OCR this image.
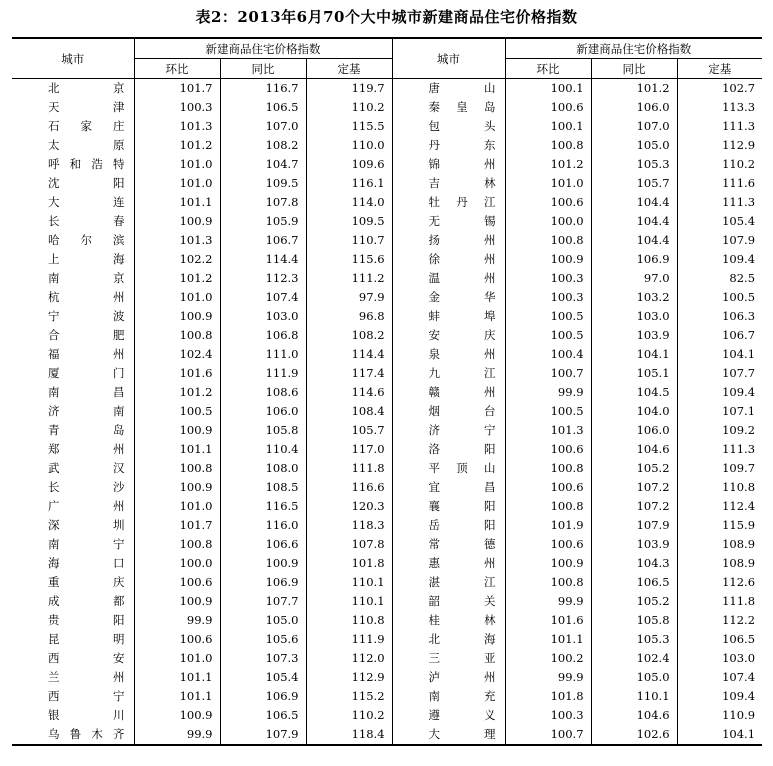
表2：2013年6月70个大中城市新建商品住宅价格指数
城市	新建商品住宅价格指数			城市	新建商品住宅价格指数		
	环比	同比	定基		环比	同比	定基
北京	101.7	116.7	119.7	唐山	100.1	101.2	102.7
天津	100.3	106.5	110.2	秦皇岛	100.6	106.0	113.3
石家庄	101.3	107.0	115.5	包头	100.1	107.0	111.3
太原	101.2	108.2	110.0	丹东	100.8	105.0	112.9
呼和浩特	101.0	104.7	109.6	锦州	101.2	105.3	110.2
沈阳	101.0	109.5	116.1	吉林	101.0	105.7	111.6
大连	101.1	107.8	114.0	牡丹江	100.6	104.4	111.3
长春	100.9	105.9	109.5	无锡	100.0	104.4	105.4
哈尔滨	101.3	106.7	110.7	扬州	100.8	104.4	107.9
上海	102.2	114.4	115.6	徐州	100.9	106.9	109.4
南京	101.2	112.3	111.2	温州	100.3	97.0	82.5
杭州	101.0	107.4	97.9	金华	100.3	103.2	100.5
宁波	100.9	103.0	96.8	蚌埠	100.5	103.0	106.3
合肥	100.8	106.8	108.2	安庆	100.5	103.9	106.7
福州	102.4	111.0	114.4	泉州	100.4	104.1	104.1
厦门	101.6	111.9	117.4	九江	100.7	105.1	107.7
南昌	101.2	108.6	114.6	赣州	99.9	104.5	109.4
济南	100.5	106.0	108.4	烟台	100.5	104.0	107.1
青岛	100.9	105.8	105.7	济宁	101.3	106.0	109.2
郑州	101.1	110.4	117.0	洛阳	100.6	104.6	111.3
武汉	100.8	108.0	111.8	平顶山	100.8	105.2	109.7
长沙	100.9	108.5	116.6	宜昌	100.6	107.2	110.8
广州	101.0	116.5	120.3	襄阳	100.8	107.2	112.4
深圳	101.7	116.0	118.3	岳阳	101.9	107.9	115.9
南宁	100.8	106.6	107.8	常德	100.6	103.9	108.9
海口	100.0	100.9	101.8	惠州	100.9	104.3	108.9
重庆	100.6	106.9	110.1	湛江	100.8	106.5	112.6
成都	100.9	107.7	110.1	韶关	99.9	105.2	111.8
贵阳	99.9	105.0	110.8	桂林	101.6	105.8	112.2
昆明	100.6	105.6	111.9	北海	101.1	105.3	106.5
西安	101.0	107.3	112.0	三亚	100.2	102.4	103.0
兰州	101.1	105.4	112.9	泸州	99.9	105.0	107.4
西宁	101.1	106.9	115.2	南充	101.8	110.1	109.4
银川	100.9	106.5	110.2	遵义	100.3	104.6	110.9
乌鲁木齐	99.9	107.9	118.4	大理	100.7	102.6	104.1
